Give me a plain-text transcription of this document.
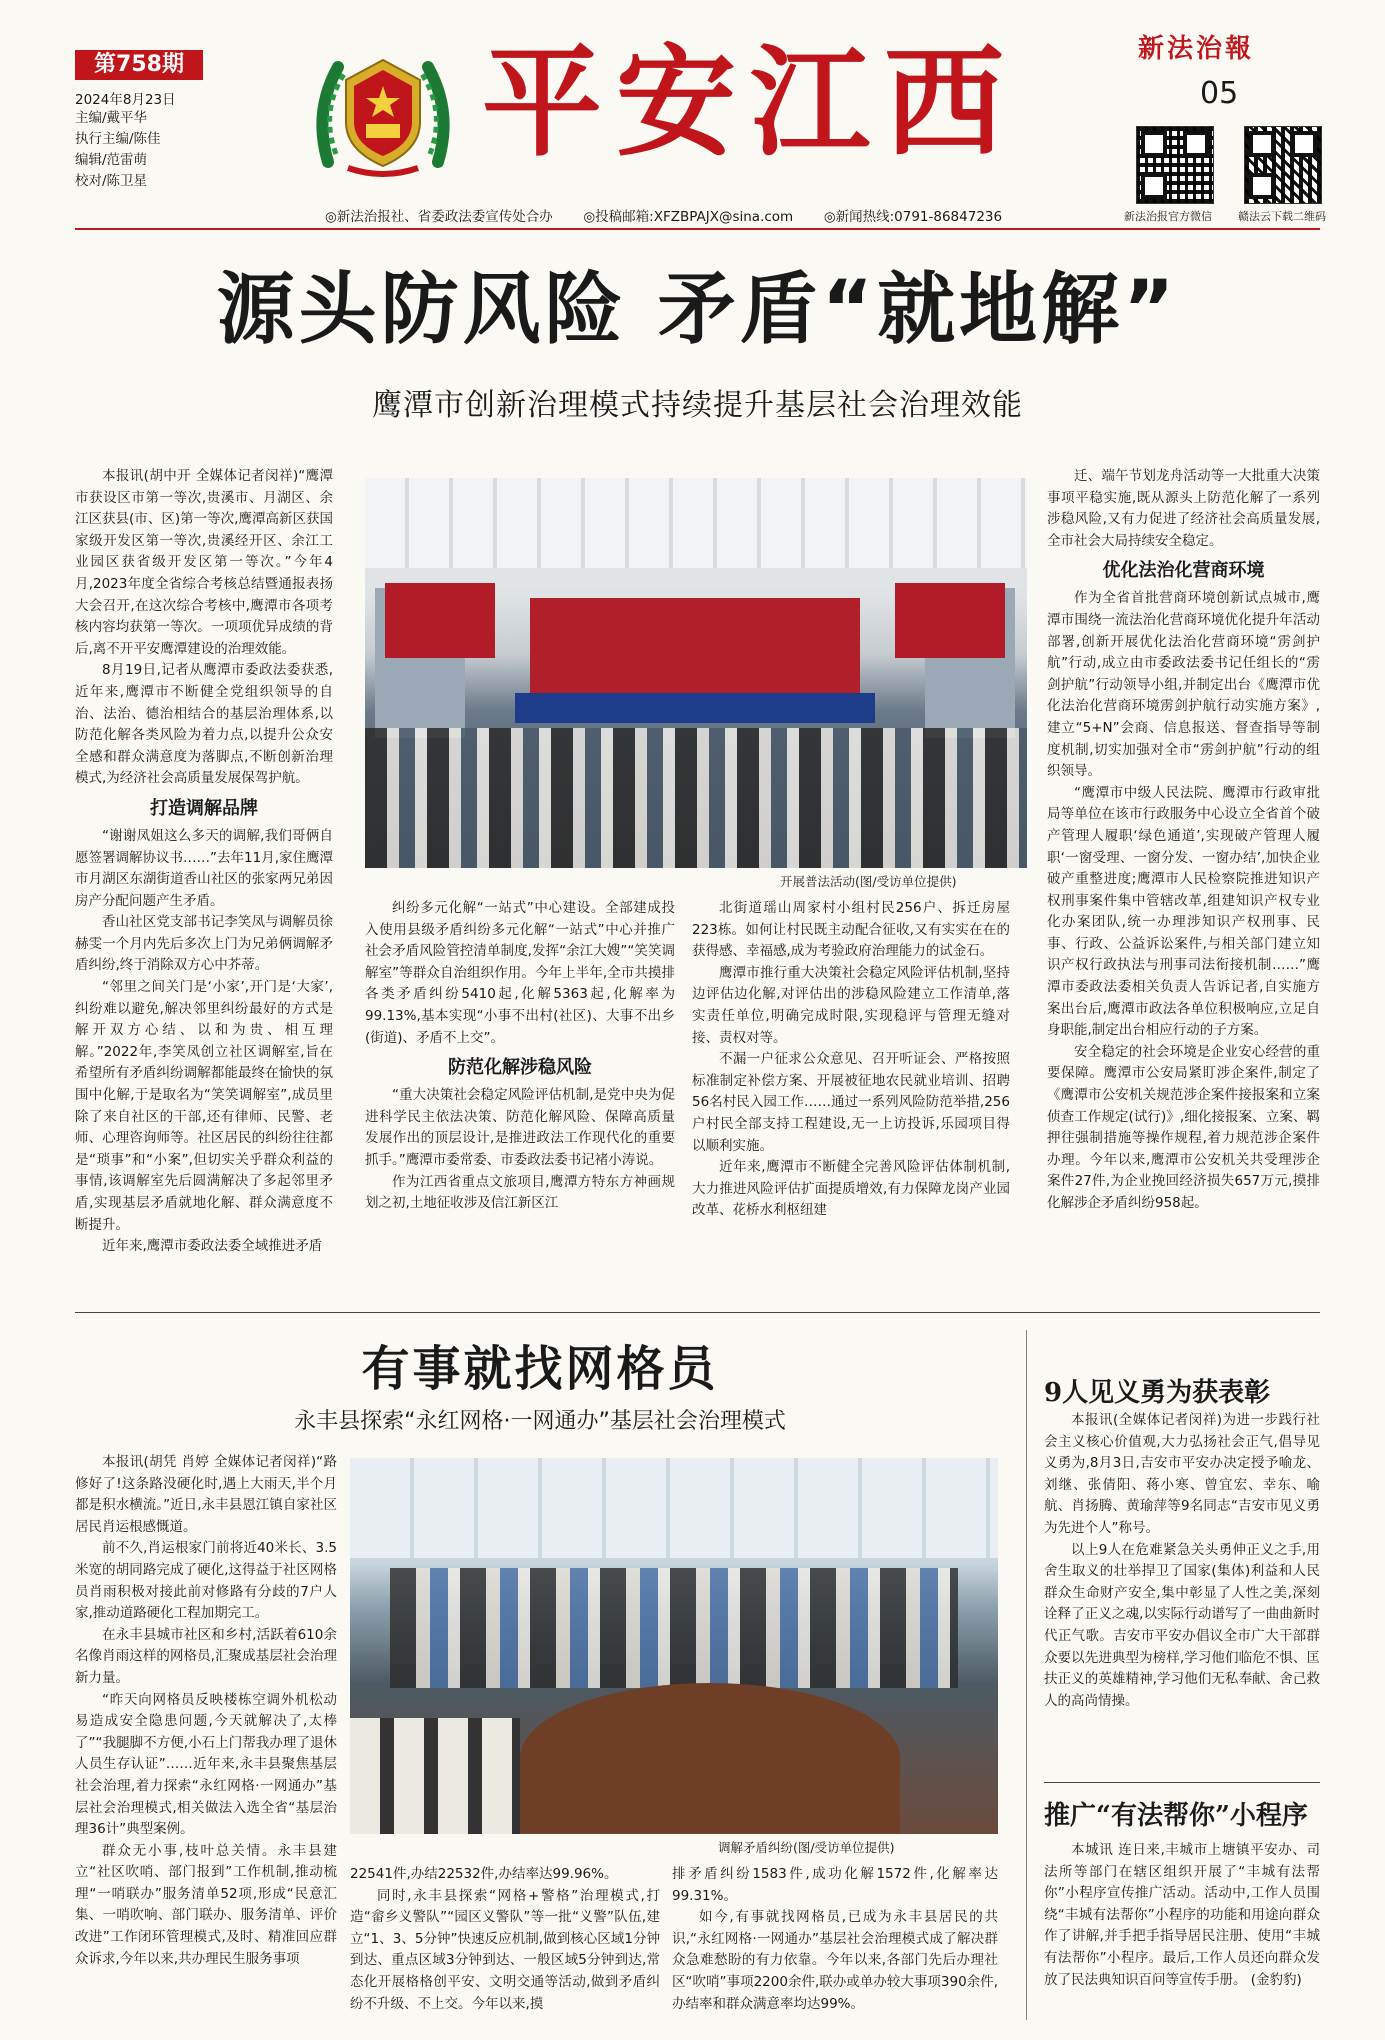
第758期
2024年8月23日
主编/戴平华
执行主编/陈佳
编辑/范雷萌
校对/陈卫星
平安江西	新法治報
05
新法治报官方微信 赣法云下载二维码
◎新法治报社、省委政法委宣传处合办 ◎投稿邮箱:XFZBPAJX@sina.com ◎新闻热线:0791-86847236
源头防风险 矛盾“就地解”
鹰潭市创新治理模式持续提升基层社会治理效能

本报讯(胡中开 全媒体记者闵祥)“鹰潭市获设区市第一等次,贵溪市、月湖区、余江区获县(市、区)第一等次,鹰潭高新区获国家级开发区第一等次,贵溪经开区、余江工业园区获省级开发区第一等次。”今年4月,2023年度全省综合考核总结暨通报表扬大会召开,在这次综合考核中,鹰潭市各项考核内容均获第一等次。一项项优异成绩的背后,离不开平安鹰潭建设的治理效能。

8月19日,记者从鹰潭市委政法委获悉,近年来,鹰潭市不断健全党组织领导的自治、法治、德治相结合的基层治理体系,以防范化解各类风险为着力点,以提升公众安全感和群众满意度为落脚点,不断创新治理模式,为经济社会高质量发展保驾护航。

打造调解品牌

“谢谢凤姐这么多天的调解,我们哥俩自愿签署调解协议书……”去年11月,家住鹰潭市月湖区东湖街道香山社区的张家两兄弟因房产分配问题产生矛盾。

香山社区党支部书记李笑凤与调解员徐赫雯一个月内先后多次上门为兄弟俩调解矛盾纠纷,终于消除双方心中芥蒂。

“邻里之间关门是‘小家’,开门是‘大家’,纠纷难以避免,解决邻里纠纷最好的方式是解开双方心结、以和为贵、相互理解。”2022年,李笑凤创立社区调解室,旨在希望所有矛盾纠纷调解都能最终在愉快的氛围中化解,于是取名为“笑笑调解室”,成员里除了来自社区的干部,还有律师、民警、老师、心理咨询师等。社区居民的纠纷往往都是“琐事”和“小案”,但切实关乎群众利益的事情,该调解室先后圆满解决了多起邻里矛盾,实现基层矛盾就地化解、群众满意度不断提升。

近年来,鹰潭市委政法委全域推进矛盾

开展普法活动(图/受访单位提供)

纠纷多元化解“一站式”中心建设。全部建成投入使用县级矛盾纠纷多元化解“一站式”中心并推广社会矛盾风险管控清单制度,发挥“余江大嫂”“笑笑调解室”等群众自治组织作用。今年上半年,全市共摸排各类矛盾纠纷5410起,化解5363起,化解率为99.13%,基本实现“小事不出村(社区)、大事不出乡(街道)、矛盾不上交”。

防范化解涉稳风险

“重大决策社会稳定风险评估机制,是党中央为促进科学民主依法决策、防范化解风险、保障高质量发展作出的顶层设计,是推进政法工作现代化的重要抓手。”鹰潭市委常委、市委政法委书记褚小涛说。

作为江西省重点文旅项目,鹰潭方特东方神画规划之初,土地征收涉及信江新区江

北街道瑶山周家村小组村民256户、拆迁房屋223栋。如何让村民既主动配合征收,又有实实在在的获得感、幸福感,成为考验政府治理能力的试金石。

鹰潭市推行重大决策社会稳定风险评估机制,坚持边评估边化解,对评估出的涉稳风险建立工作清单,落实责任单位,明确完成时限,实现稳评与管理无缝对接、责权对等。

不漏一户征求公众意见、召开听证会、严格按照标准制定补偿方案、开展被征地农民就业培训、招聘56名村民入园工作……通过一系列风险防范举措,256户村民全部支持工程建设,无一上访投诉,乐园项目得以顺利实施。

近年来,鹰潭市不断健全完善风险评估体制机制,大力推进风险评估扩面提质增效,有力保障龙岗产业园改革、花桥水利枢纽建

迁、端午节划龙舟活动等一大批重大决策事项平稳实施,既从源头上防范化解了一系列涉稳风险,又有力促进了经济社会高质量发展,全市社会大局持续安全稳定。

优化法治化营商环境

作为全省首批营商环境创新试点城市,鹰潭市围绕一流法治化营商环境优化提升年活动部署,创新开展优化法治化营商环境“雳剑护航”行动,成立由市委政法委书记任组长的“雳剑护航”行动领导小组,并制定出台《鹰潭市优化法治化营商环境雳剑护航行动实施方案》,建立“5+N”会商、信息报送、督查指导等制度机制,切实加强对全市“雳剑护航”行动的组织领导。

“鹰潭市中级人民法院、鹰潭市行政审批局等单位在该市行政服务中心设立全省首个破产管理人履职‘绿色通道’,实现破产管理人履职‘一窗受理、一窗分发、一窗办结’,加快企业破产重整进度;鹰潭市人民检察院推进知识产权刑事案件集中管辖改革,组建知识产权专业化办案团队,统一办理涉知识产权刑事、民事、行政、公益诉讼案件,与相关部门建立知识产权行政执法与刑事司法衔接机制……”鹰潭市委政法委相关负责人告诉记者,自实施方案出台后,鹰潭市政法各单位积极响应,立足自身职能,制定出台相应行动的子方案。

安全稳定的社会环境是企业安心经营的重要保障。鹰潭市公安局紧盯涉企案件,制定了《鹰潭市公安机关规范涉企案件接报案和立案侦查工作规定(试行)》,细化接报案、立案、羁押往强制措施等操作规程,着力规范涉企案件办理。今年以来,鹰潭市公安机关共受理涉企案件27件,为企业挽回经济损失657万元,摸排化解涉企矛盾纠纷958起。

有事就找网格员
永丰县探索“永红网格·一网通办”基层社会治理模式

本报讯(胡凭 肖婷 全媒体记者闵祥)“路修好了!这条路没硬化时,遇上大雨天,半个月都是积水横流。”近日,永丰县恩江镇自家社区居民肖运根感慨道。

前不久,肖运根家门前将近40米长、3.5米宽的胡同路完成了硬化,这得益于社区网格员肖雨积极对接此前对修路有分歧的7户人家,推动道路硬化工程加期完工。

在永丰县城市社区和乡村,活跃着610余名像肖雨这样的网格员,汇聚成基层社会治理新力量。

“昨天向网格员反映楼栋空调外机松动易造成安全隐患问题,今天就解决了,太棒了”“我腿脚不方便,小石上门帮我办理了退休人员生存认证”……近年来,永丰县聚焦基层社会治理,着力探索“永红网格·一网通办”基层社会治理模式,相关做法入选全省“基层治理36计”典型案例。

群众无小事,枝叶总关情。永丰县建立“社区吹哨、部门报到”工作机制,推动梳理“一哨联办”服务清单52项,形成“民意汇集、一哨吹响、部门联办、服务清单、评价改进”工作闭环管理模式,及时、精准回应群众诉求,今年以来,共办理民生服务事项

调解矛盾纠纷(图/受访单位提供)

22541件,办结22532件,办结率达99.96%。

同时,永丰县探索“网格+警格”治理模式,打造“畲乡义警队”“园区义警队”等一批“义警”队伍,建立“1、3、5分钟”快速反应机制,做到核心区域1分钟到达、重点区域3分钟到达、一般区域5分钟到达,常态化开展格格创平安、文明交通等活动,做到矛盾纠纷不升级、不上交。今年以来,摸

排矛盾纠纷1583件,成功化解1572件,化解率达99.31%。

如今,有事就找网格员,已成为永丰县居民的共识,“永红网格·一网通办”基层社会治理模式成了解决群众急难愁盼的有力依靠。今年以来,各部门先后办理社区“吹哨”事项2200余件,联办或单办较大事项390余件,办结率和群众满意率均达99%。

9人见义勇为获表彰

本报讯(全媒体记者闵祥)为进一步践行社会主义核心价值观,大力弘扬社会正气,倡导见义勇为,8月3日,吉安市平安办决定授予喻龙、刘继、张倩阳、蒋小寒、曾宜宏、幸东、喻航、肖扬腾、黄瑜萍等9名同志“吉安市见义勇为先进个人”称号。

以上9人在危难紧急关头勇伸正义之手,用舍生取义的壮举捍卫了国家(集体)利益和人民群众生命财产安全,集中彰显了人性之美,深刻诠释了正义之魂,以实际行动谱写了一曲曲新时代正气歌。吉安市平安办倡议全市广大干部群众要以先进典型为榜样,学习他们临危不惧、匡扶正义的英雄精神,学习他们无私奉献、舍己救人的高尚情操。

推广“有法帮你”小程序

本城讯 连日来,丰城市上塘镇平安办、司法所等部门在辖区组织开展了“丰城有法帮你”小程序宣传推广活动。活动中,工作人员围绕“丰城有法帮你”小程序的功能和用途向群众作了讲解,并手把手指导居民注册、使用“丰城有法帮你”小程序。最后,工作人员还向群众发放了民法典知识百问等宣传手册。 (金豹豹)
